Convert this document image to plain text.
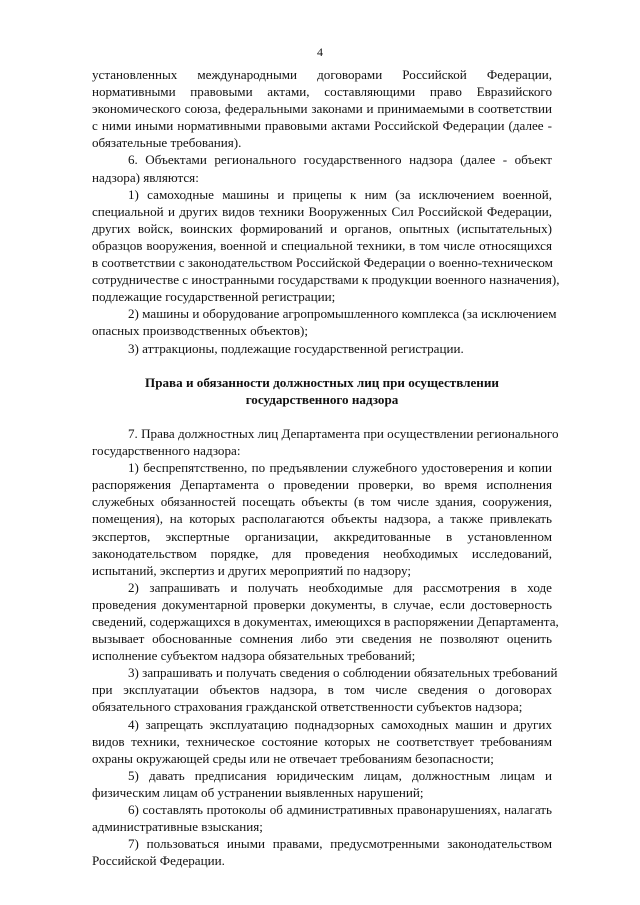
4
установленных международными договорами Российской Федерации,
нормативными правовыми актами, составляющими право Евразийского
экономического союза, федеральными законами и принимаемыми в соответствии
с ними иными нормативными правовыми актами Российской Федерации (далее -
обязательные требования).
6. Объектами регионального государственного надзора (далее - объект
надзора) являются:
1) самоходные машины и прицепы к ним (за исключением военной,
специальной и других видов техники Вооруженных Сил Российской Федерации,
других войск, воинских формирований и органов, опытных (испытательных)
образцов вооружения, военной и специальной техники, в том числе относящихся
в соответствии с законодательством Российской Федерации о военно-техническом
сотрудничестве с иностранными государствами к продукции военного назначения),
подлежащие государственной регистрации;
2) машины и оборудование агропромышленного комплекса (за исключением
опасных производственных объектов);
3) аттракционы, подлежащие государственной регистрации.
Права и обязанности должностных лиц при осуществлении
государственного надзора
7. Права должностных лиц Департамента при осуществлении регионального
государственного надзора:
1) беспрепятственно, по предъявлении служебного удостоверения и копии
распоряжения Департамента о проведении проверки, во время исполнения
служебных обязанностей посещать объекты (в том числе здания, сооружения,
помещения), на которых располагаются объекты надзора, а также привлекать
экспертов, экспертные организации, аккредитованные в установленном
законодательством порядке, для проведения необходимых исследований,
испытаний, экспертиз и других мероприятий по надзору;
2) запрашивать и получать необходимые для рассмотрения в ходе
проведения документарной проверки документы, в случае, если достоверность
сведений, содержащихся в документах, имеющихся в распоряжении Департамента,
вызывает обоснованные сомнения либо эти сведения не позволяют оценить
исполнение субъектом надзора обязательных требований;
3) запрашивать и получать сведения о соблюдении обязательных требований
при эксплуатации объектов надзора, в том числе сведения о договорах
обязательного страхования гражданской ответственности субъектов надзора;
4) запрещать эксплуатацию поднадзорных самоходных машин и других
видов техники, техническое состояние которых не соответствует требованиям
охраны окружающей среды или не отвечает требованиям безопасности;
5) давать предписания юридическим лицам, должностным лицам и
физическим лицам об устранении выявленных нарушений;
6) составлять протоколы об административных правонарушениях, налагать
административные взыскания;
7) пользоваться иными правами, предусмотренными законодательством
Российской Федерации.
